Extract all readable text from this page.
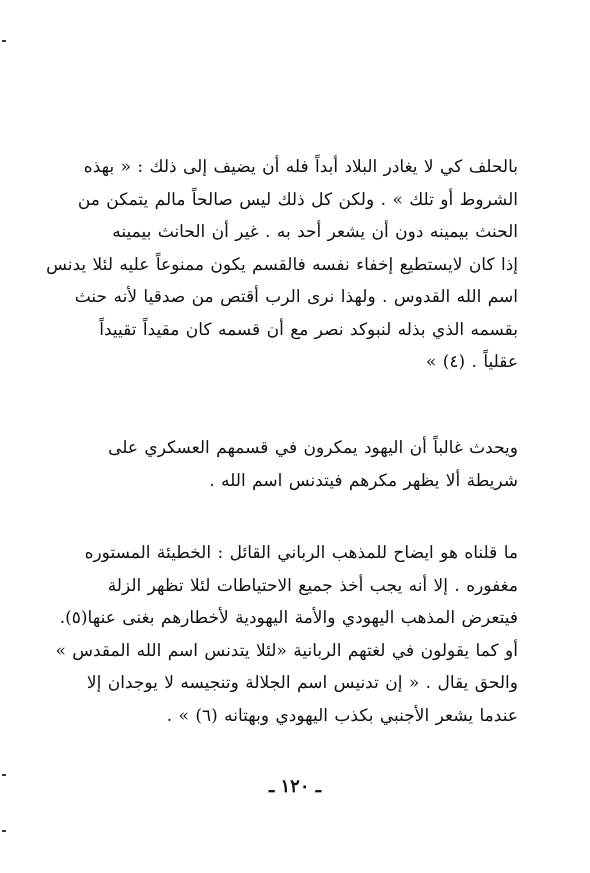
بالحلف كي لا يغادر البلاد أبداً فله أن يضيف إلى ذلك : « بهذه
الشروط أو تلك » . ولكن كل ذلك ليس صالحاً مالم يتمكن من
الحنث بيمينه دون أن يشعر أحد به . غير أن الحانث بيمينه
إذا كان لايستطيع إخفاء نفسه فالقسم يكون ممنوعاً عليه لئلا يدنس
اسم الله القدوس . ولهذا نرى الرب أقتص من صدقيا لأنه حنث
بقسمه الذي بذله لنبوكد نصر مع أن قسمه كان مقيداً تقييداً
عقلياً . (٤) »
ويحدث غالباً أن اليهود يمكرون في قسمهم العسكري على
شريطة ألا يظهر مكرهم فيتدنس اسم الله .
ما قلناه هو ايضاح للمذهب الرباني القائل : الخطيئة المستوره
مغفوره . إلا أنه يجب أخذ جميع الاحتياطات لئلا تظهر الزلة
فيتعرض المذهب اليهودي والأمة اليهودية لأخطارهم بغنى عنها(٥).
أو كما يقولون في لغتهم الربانية «لئلا يتدنس اسم الله المقدس »
والحق يقال . « إن تدنيس اسم الجلالة وتنجيسه لا يوجدان إلا
عندما يشعر الأجنبي بكذب اليهودي وبهتانه (٦) » .
ـ ١٢٠ ـ
